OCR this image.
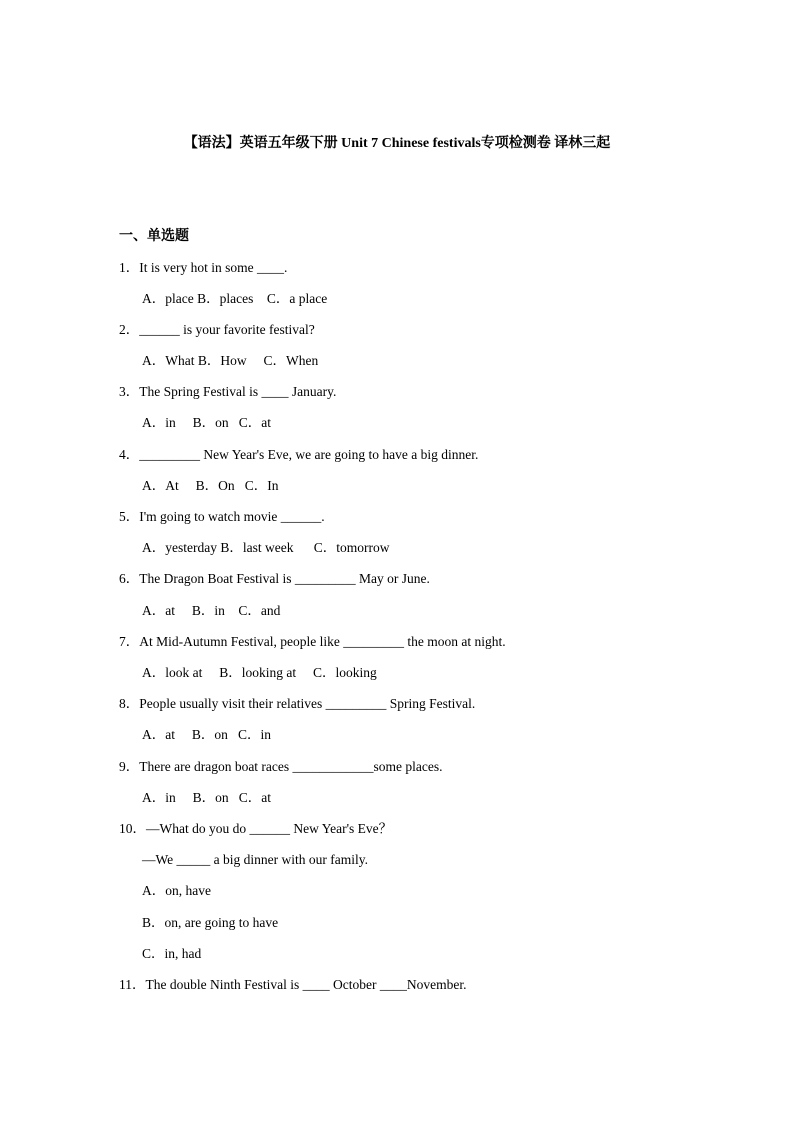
【语法】英语五年级下册 Unit 7 Chinese festivals专项检测卷 译林三起
一、单选题
1．It is very hot in some ____.
A．place B．places    C．a place
2．______ is your favorite festival?
A．What B．How     C．When
3．The Spring Festival is ____ January.
A．in     B．on   C．at
4．_________ New Year's Eve, we are going to have a big dinner.
A．At     B．On   C．In
5．I'm going to watch movie ______.
A．yesterday B．last week      C．tomorrow
6．The Dragon Boat Festival is _________ May or June.
A．at     B．in    C．and
7．At Mid-Autumn Festival, people like _________ the moon at night.
A．look at     B．looking at     C．looking
8．People usually visit their relatives _________ Spring Festival.
A．at     B．on   C．in
9．There are dragon boat races ____________some places.
A．in     B．on   C．at
10．—What do you do ______ New Year's Eve？
—We _____ a big dinner with our family.
A．on, have
B．on, are going to have
C．in, had
11．The double Ninth Festival is ____ October ____November.
